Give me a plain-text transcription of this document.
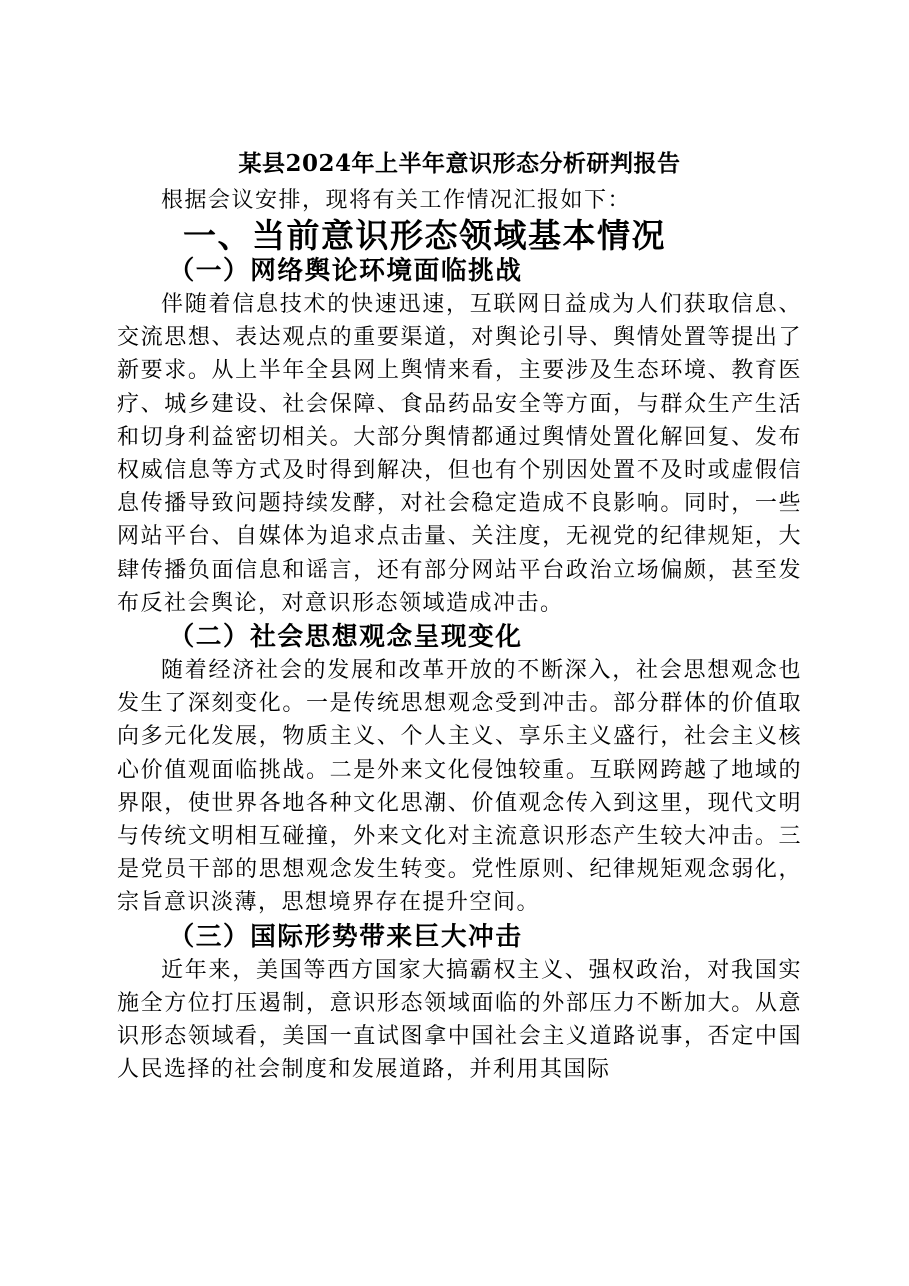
某县2024年上半年意识形态分析研判报告

根据会议安排，现将有关工作情况汇报如下：

一、当前意识形态领域基本情况
（一）网络舆论环境面临挑战

伴随着信息技术的快速迅速，互联网日益成为人们获取信息、交流思想、表达观点的重要渠道，对舆论引导、舆情处置等提出了新要求。从上半年全县网上舆情来看，主要涉及生态环境、教育医疗、城乡建设、社会保障、食品药品安全等方面，与群众生产生活和切身利益密切相关。大部分舆情都通过舆情处置化解回复、发布权威信息等方式及时得到解决，但也有个别因处置不及时或虚假信息传播导致问题持续发酵，对社会稳定造成不良影响。同时，一些网站平台、自媒体为追求点击量、关注度，无视党的纪律规矩，大肆传播负面信息和谣言，还有部分网站平台政治立场偏颇，甚至发布反社会舆论，对意识形态领域造成冲击。

（二）社会思想观念呈现变化

随着经济社会的发展和改革开放的不断深入，社会思想观念也发生了深刻变化。一是传统思想观念受到冲击。部分群体的价值取向多元化发展，物质主义、个人主义、享乐主义盛行，社会主义核心价值观面临挑战。二是外来文化侵蚀较重。互联网跨越了地域的界限，使世界各地各种文化思潮、价值观念传入到这里，现代文明与传统文明相互碰撞，外来文化对主流意识形态产生较大冲击。三是党员干部的思想观念发生转变。党性原则、纪律规矩观念弱化，宗旨意识淡薄，思想境界存在提升空间。

（三）国际形势带来巨大冲击

近年来，美国等西方国家大搞霸权主义、强权政治，对我国实施全方位打压遏制，意识形态领域面临的外部压力不断加大。从意识形态领域看，美国一直试图拿中国社会主义道路说事，否定中国人民选择的社会制度和发展道路，并利用其国际
